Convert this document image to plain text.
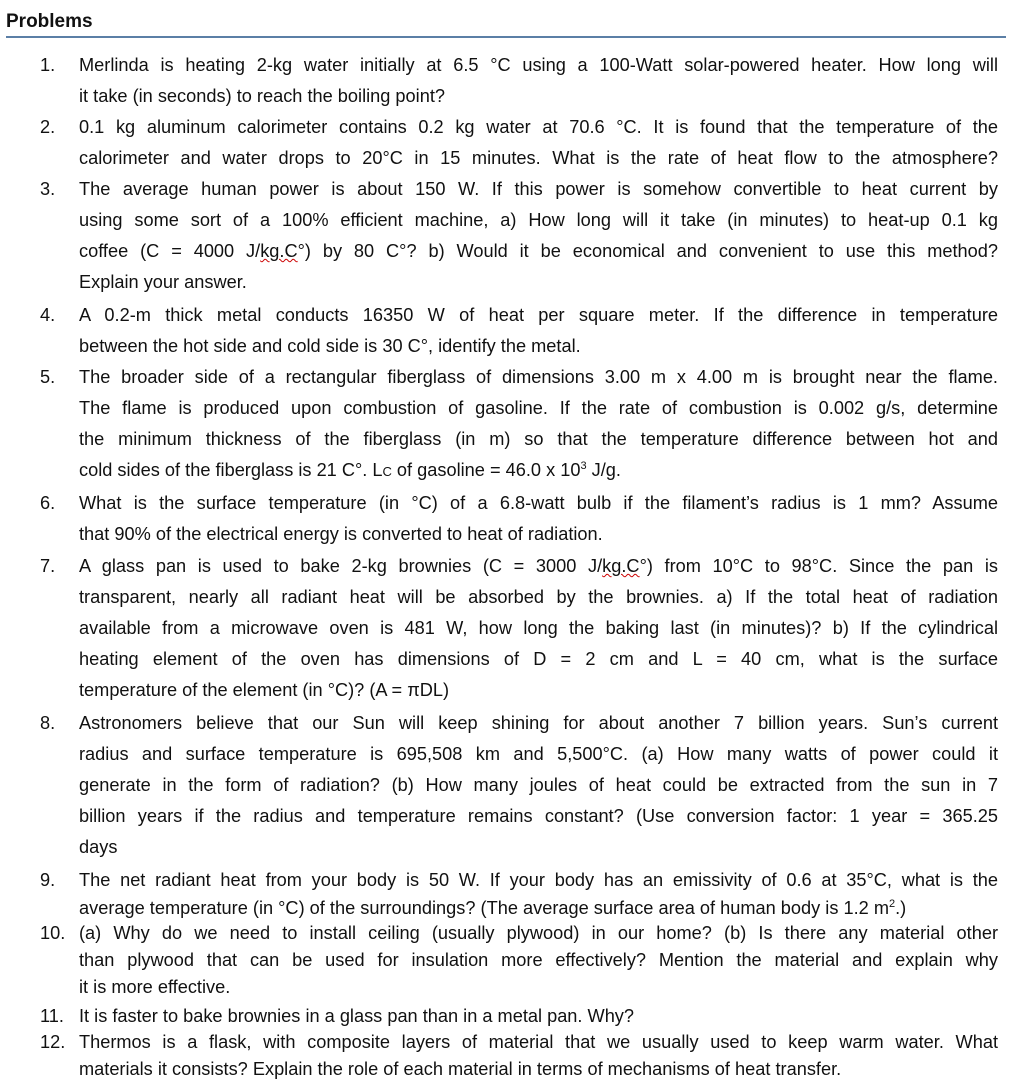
Problems
1.	Merlinda is heating 2-kg water initially at 6.5 °C using a 100-Watt solar-powered heater. How long will
it take (in seconds) to reach the boiling point?
2.	0.1 kg aluminum calorimeter contains 0.2 kg water at 70.6 °C. It is found that the temperature of the
calorimeter and water drops to 20°C in 15 minutes. What is the rate of heat flow to the atmosphere?
3.	The average human power is about 150 W. If this power is somehow convertible to heat current by
using some sort of a 100% efficient machine, a) How long will it take (in minutes) to heat-up 0.1 kg
coffee (C = 4000 J/kg.C°) by 80 C°? b) Would it be economical and convenient to use this method?
Explain your answer.
4.	A 0.2-m thick metal conducts 16350 W of heat per square meter. If the difference in temperature
between the hot side and cold side is 30 C°, identify the metal.
5.	The broader side of a rectangular fiberglass of dimensions 3.00 m x 4.00 m is brought near the flame.
The flame is produced upon combustion of gasoline. If the rate of combustion is 0.002 g/s, determine
the minimum thickness of the fiberglass (in m) so that the temperature difference between hot and
cold sides of the fiberglass is 21 C°. LC of gasoline = 46.0 x $10^3$ J/g.
6.	What is the surface temperature (in °C) of a 6.8-watt bulb if the filament’s radius is 1 mm? Assume
that 90% of the electrical energy is converted to heat of radiation.
7.	A glass pan is used to bake 2-kg brownies (C = 3000 J/kg.C°) from 10°C to 98°C. Since the pan is
transparent, nearly all radiant heat will be absorbed by the brownies. a) If the total heat of radiation
available from a microwave oven is 481 W, how long the baking last (in minutes)? b) If the cylindrical
heating element of the oven has dimensions of D = 2 cm and L = 40 cm, what is the surface
temperature of the element (in °C)? (A = πDL)
8.	Astronomers believe that our Sun will keep shining for about another 7 billion years. Sun’s current
radius and surface temperature is 695,508 km and 5,500°C. (a) How many watts of power could it
generate in the form of radiation? (b) How many joules of heat could be extracted from the sun in 7
billion years if the radius and temperature remains constant? (Use conversion factor: 1 year = 365.25
days
9.	The net radiant heat from your body is 50 W. If your body has an emissivity of 0.6 at 35°C, what is the
average temperature (in °C) of the surroundings? (The average surface area of human body is 1.2 $m^2$.)
10. (a) Why do we need to install ceiling (usually plywood) in our home? (b) Is there any material other
than plywood that can be used for insulation more effectively? Mention the material and explain why
it is more effective.
11. It is faster to bake brownies in a glass pan than in a metal pan. Why?
12. Thermos is a flask, with composite layers of material that we usually used to keep warm water. What
materials it consists? Explain the role of each material in terms of mechanisms of heat transfer.
